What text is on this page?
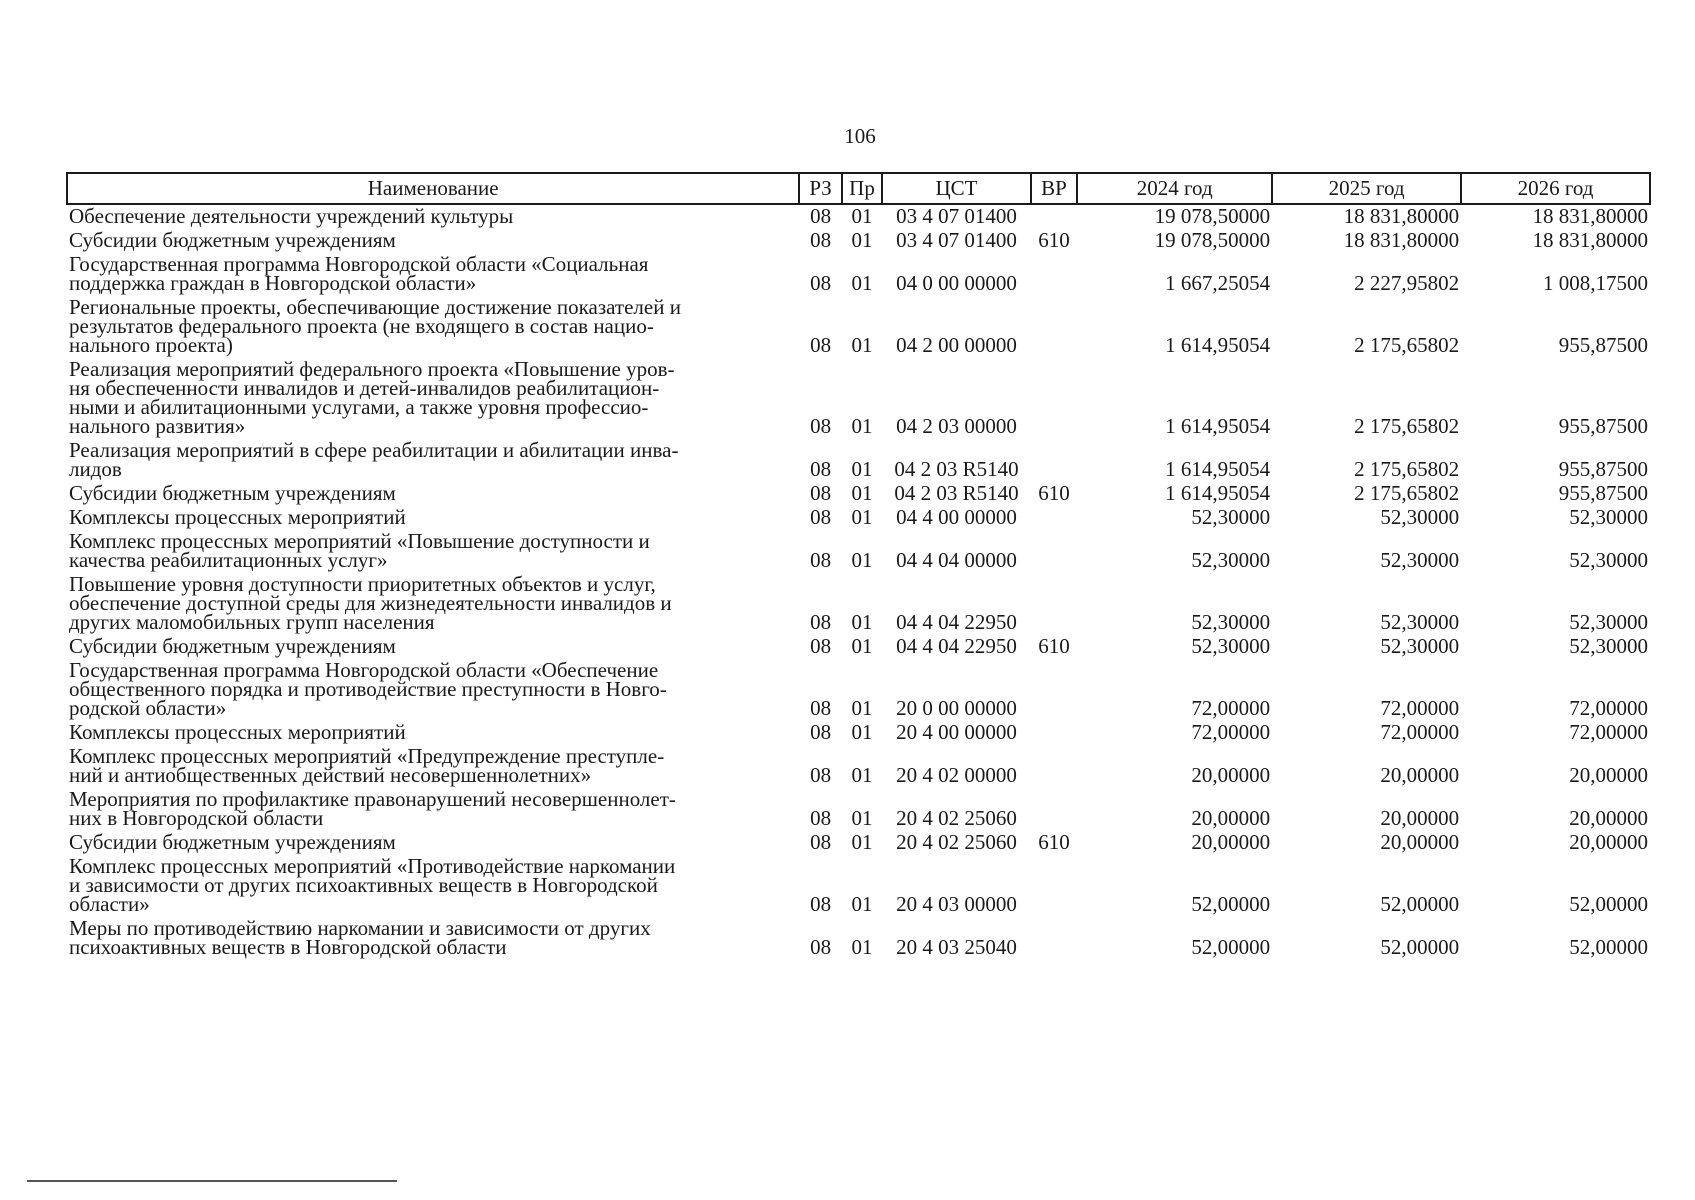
106
Наименование	РЗ	Пр	ЦСТ	ВР	2024 год	2025 год	2026 год
Обеспечение деятельности учреждений культуры	08	01	03 4 07 01400		19 078,50000	18 831,80000	18 831,80000
Субсидии бюджетным учреждениям	08	01	03 4 07 01400	610	19 078,50000	18 831,80000	18 831,80000
Государственная программа Новгородской области «Социальная
поддержка граждан в Новгородской области»	08	01	04 0 00 00000		1 667,25054	2 227,95802	1 008,17500
Региональные проекты, обеспечивающие достижение показателей и
результатов федерального проекта (не входящего в состав нацио-
нального проекта)	08	01	04 2 00 00000		1 614,95054	2 175,65802	955,87500
Реализация мероприятий федерального проекта «Повышение уров-
ня обеспеченности инвалидов и детей-инвалидов реабилитацион-
ными и абилитационными услугами, а также уровня профессио-
нального развития»	08	01	04 2 03 00000		1 614,95054	2 175,65802	955,87500
Реализация мероприятий в сфере реабилитации и абилитации инва-
лидов	08	01	04 2 03 R5140		1 614,95054	2 175,65802	955,87500
Субсидии бюджетным учреждениям	08	01	04 2 03 R5140	610	1 614,95054	2 175,65802	955,87500
Комплексы процессных мероприятий	08	01	04 4 00 00000		52,30000	52,30000	52,30000
Комплекс процессных мероприятий «Повышение доступности и
качества реабилитационных услуг»	08	01	04 4 04 00000		52,30000	52,30000	52,30000
Повышение уровня доступности приоритетных объектов и услуг,
обеспечение доступной среды для жизнедеятельности инвалидов и
других маломобильных групп населения	08	01	04 4 04 22950		52,30000	52,30000	52,30000
Субсидии бюджетным учреждениям	08	01	04 4 04 22950	610	52,30000	52,30000	52,30000
Государственная программа Новгородской области «Обеспечение
общественного порядка и противодействие преступности в Новго-
родской области»	08	01	20 0 00 00000		72,00000	72,00000	72,00000
Комплексы процессных мероприятий	08	01	20 4 00 00000		72,00000	72,00000	72,00000
Комплекс процессных мероприятий «Предупреждение преступле-
ний и антиобщественных действий несовершеннолетних»	08	01	20 4 02 00000		20,00000	20,00000	20,00000
Мероприятия по профилактике правонарушений несовершеннолет-
них в Новгородской области	08	01	20 4 02 25060		20,00000	20,00000	20,00000
Субсидии бюджетным учреждениям	08	01	20 4 02 25060	610	20,00000	20,00000	20,00000
Комплекс процессных мероприятий «Противодействие наркомании
и зависимости от других психоактивных веществ в Новгородской
области»	08	01	20 4 03 00000		52,00000	52,00000	52,00000
Меры по противодействию наркомании и зависимости от других
психоактивных веществ в Новгородской области	08	01	20 4 03 25040		52,00000	52,00000	52,00000
